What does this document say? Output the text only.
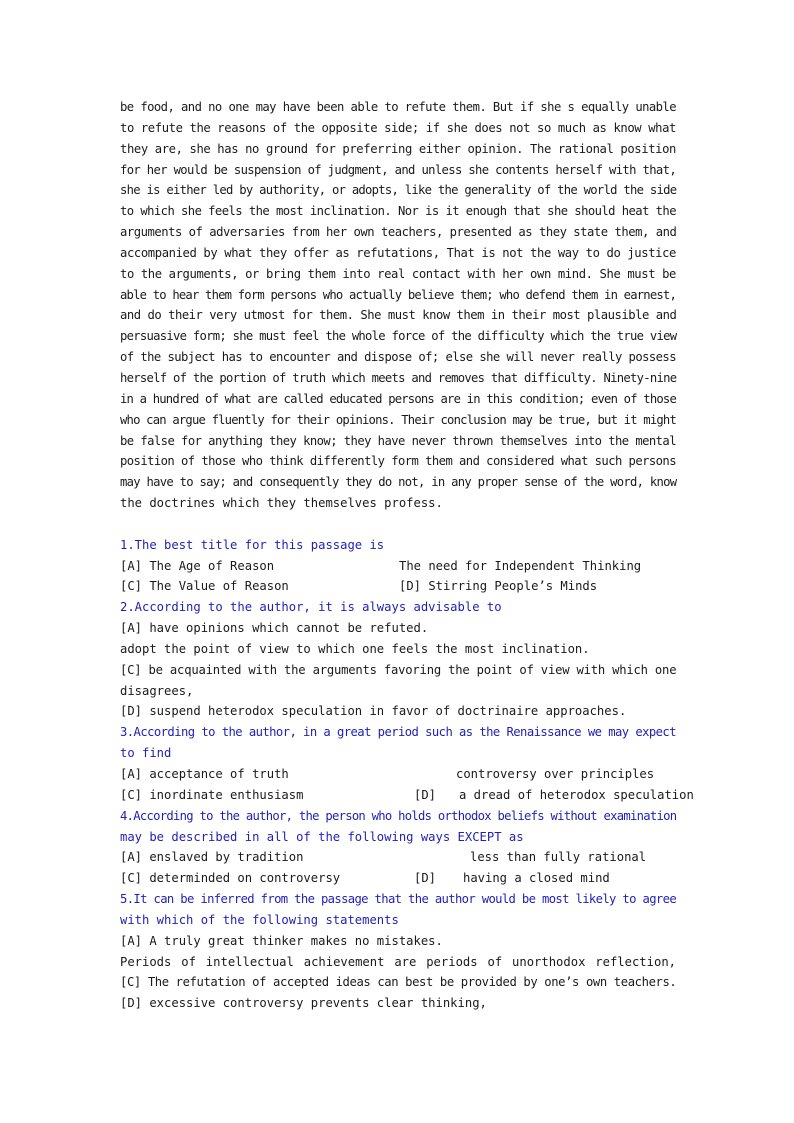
be food, and no one may have been able to refute them. But if she s equally unable
to refute the reasons of the opposite side; if she does not so much as know what
they are, she has no ground for preferring either opinion. The rational position
for her would be suspension of judgment, and unless she contents herself with that,
she is either led by authority, or adopts, like the generality of the world the side
to which she feels the most inclination. Nor is it enough that she should heat the
arguments of adversaries from her own teachers, presented as they state them, and
accompanied by what they offer as refutations, That is not the way to do justice
to the arguments, or bring them into real contact with her own mind. She must be
able to hear them form persons who actually believe them; who defend them in earnest,
and do their very utmost for them. She must know them in their most plausible and
persuasive form; she must feel the whole force of the difficulty which the true view
of the subject has to encounter and dispose of; else she will never really possess
herself of the portion of truth which meets and removes that difficulty. Ninety-nine
in a hundred of what are called educated persons are in this condition; even of those
who can argue fluently for their opinions. Their conclusion may be true, but it might
be false for anything they know; they have never thrown themselves into the mental
position of those who think differently form them and considered what such persons
may have to say; and consequently they do not, in any proper sense of the word, know
the doctrines which they themselves profess.
1.The best title for this passage is
[A] The Age of Reason	The need for Independent Thinking
[C] The Value of Reason	[D] Stirring People’s Minds
2.According to the author, it is always advisable to
[A] have opinions which cannot be refuted.
adopt the point of view to which one feels the most inclination.
[C] be acquainted with the arguments favoring the point of view with which one
disagrees,
[D] suspend heterodox speculation in favor of doctrinaire approaches.
3.According to the author, in a great period such as the Renaissance we may expect
to find
[A] acceptance of truth	controversy over principles
[C] inordinate enthusiasm	[D] a dread of heterodox speculation
4.According to the author, the person who holds orthodox beliefs without examination
may be described in all of the following ways EXCEPT as
[A] enslaved by tradition	less than fully rational
[C] determinded on controversy	[D] having a closed mind
5.It can be inferred from the passage that the author would be most likely to agree
with which of the following statements
[A] A truly great thinker makes no mistakes.
Periods of intellectual achievement are periods of unorthodox reflection,
[C] The refutation of accepted ideas can best be provided by one’s own teachers.
[D] excessive controversy prevents clear thinking,
